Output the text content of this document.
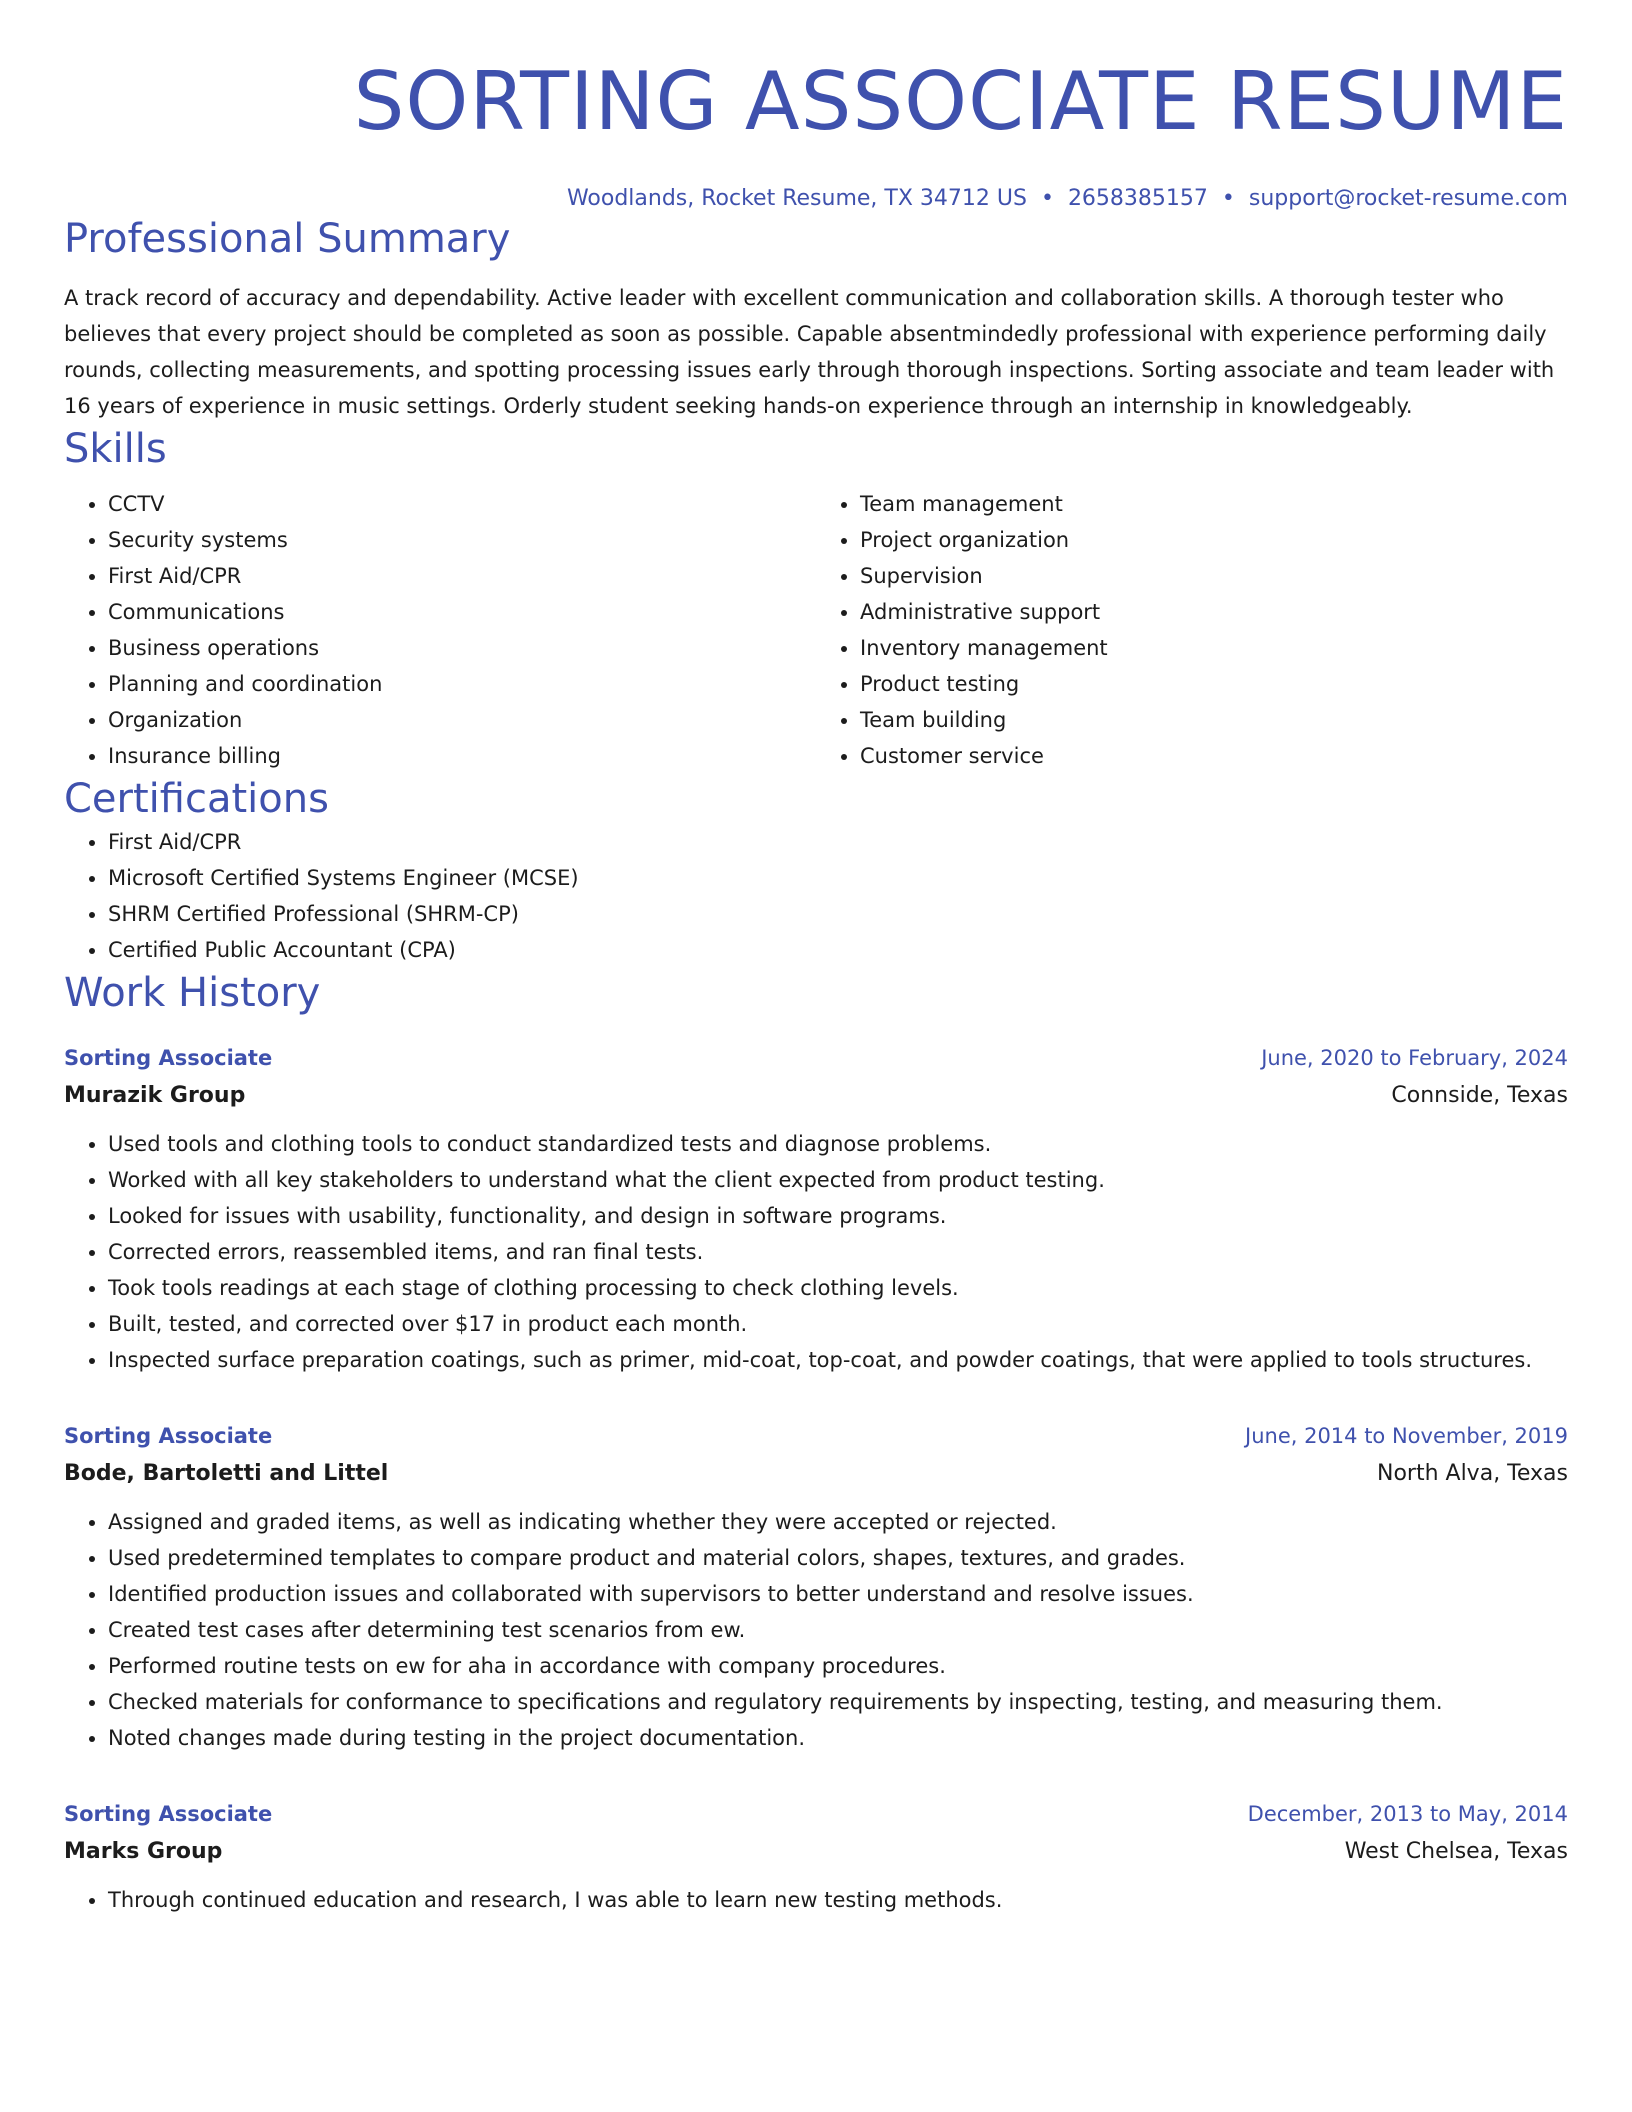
SORTING ASSOCIATE RESUME
Woodlands, Rocket Resume, TX 34712 US • 2658385157 • support@rocket-resume.com
Professional Summary

A track record of accuracy and dependability. Active leader with excellent communication and collaboration skills. A thorough tester who believes that every project should be completed as soon as possible. Capable absentmindedly professional with experience performing daily rounds, collecting measurements, and spotting processing issues early through thorough inspections. Sorting associate and team leader with 16 years of experience in music settings. Orderly student seeking hands-on experience through an internship in knowledgeably.

Skills
• CCTV
• Security systems
• First Aid/CPR
• Communications
• Business operations
• Planning and coordination
• Organization
• Insurance billing
• Team management
• Project organization
• Supervision
• Administrative support
• Inventory management
• Product testing
• Team building
• Customer service
Certifications
• First Aid/CPR
• Microsoft Certified Systems Engineer (MCSE)
• SHRM Certified Professional (SHRM-CP)
• Certified Public Accountant (CPA)
Work History
Sorting Associate	June, 2020 to February, 2024
Murazik Group	Connside, Texas
• Used tools and clothing tools to conduct standardized tests and diagnose problems.
• Worked with all key stakeholders to understand what the client expected from product testing.
• Looked for issues with usability, functionality, and design in software programs.
• Corrected errors, reassembled items, and ran final tests.
• Took tools readings at each stage of clothing processing to check clothing levels.
• Built, tested, and corrected over $17 in product each month.
• Inspected surface preparation coatings, such as primer, mid-coat, top-coat, and powder coatings, that were applied to tools structures.
Sorting Associate	June, 2014 to November, 2019
Bode, Bartoletti and Littel	North Alva, Texas
• Assigned and graded items, as well as indicating whether they were accepted or rejected.
• Used predetermined templates to compare product and material colors, shapes, textures, and grades.
• Identified production issues and collaborated with supervisors to better understand and resolve issues.
• Created test cases after determining test scenarios from ew.
• Performed routine tests on ew for aha in accordance with company procedures.
• Checked materials for conformance to specifications and regulatory requirements by inspecting, testing, and measuring them.
• Noted changes made during testing in the project documentation.
Sorting Associate	December, 2013 to May, 2014
Marks Group	West Chelsea, Texas
• Through continued education and research, I was able to learn new testing methods.
